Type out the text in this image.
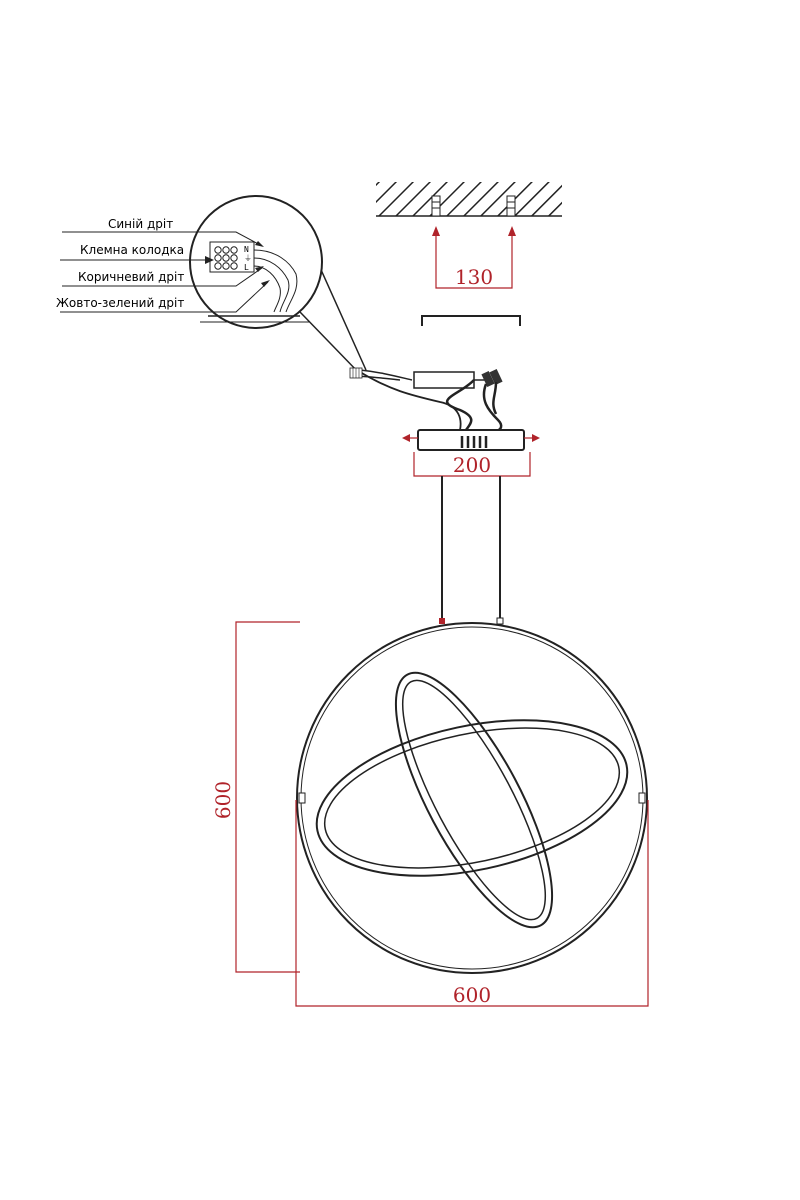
130
200
600
600
N
⏚
L
Синій дріт
Клемна колодка
Коричневий дріт
Жовто-зелений дріт
